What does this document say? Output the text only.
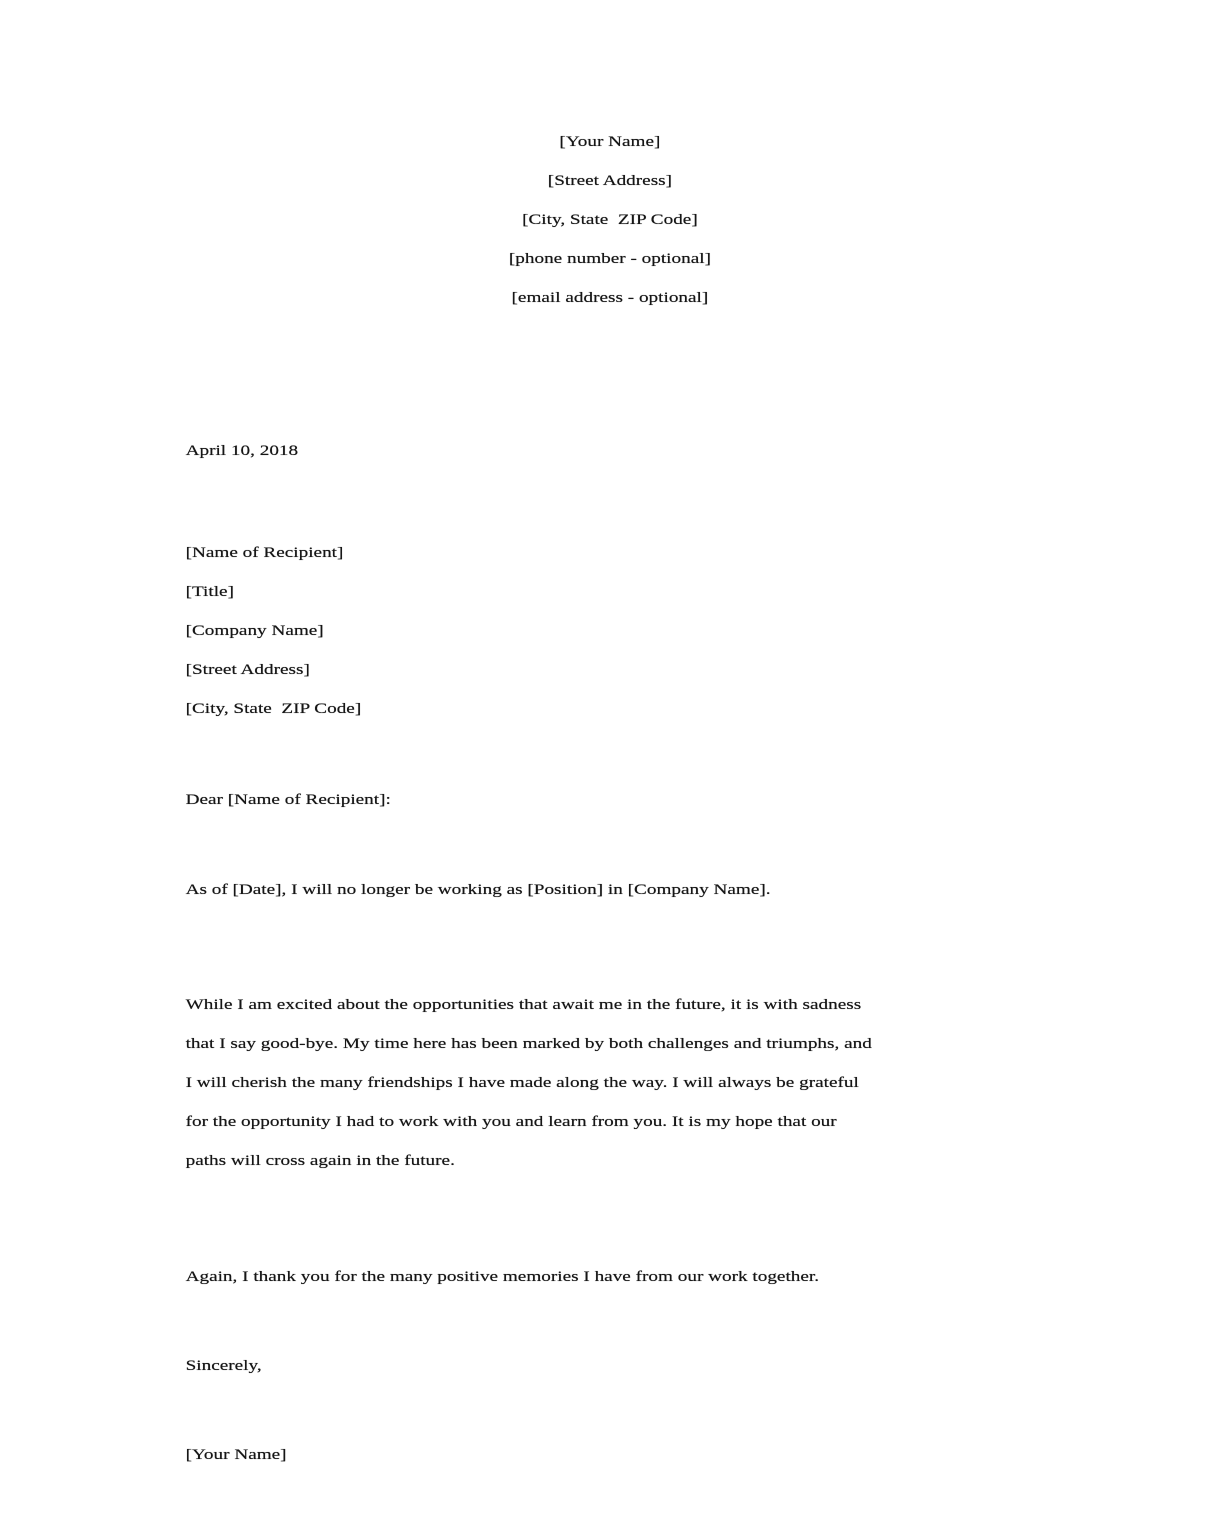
[Your Name]

[Street Address]

[City, State  ZIP Code]

[phone number - optional]

[email address - optional]

April 10, 2018

[Name of Recipient]

[Title]

[Company Name]

[Street Address]

[City, State  ZIP Code]

Dear [Name of Recipient]:

As of [Date], I will no longer be working as [Position] in [Company Name].

While I am excited about the opportunities that await me in the future, it is with sadness

that I say good-bye. My time here has been marked by both challenges and triumphs, and

I will cherish the many friendships I have made along the way. I will always be grateful

for the opportunity I had to work with you and learn from you. It is my hope that our

paths will cross again in the future.

Again, I thank you for the many positive memories I have from our work together.

Sincerely,

[Your Name]
